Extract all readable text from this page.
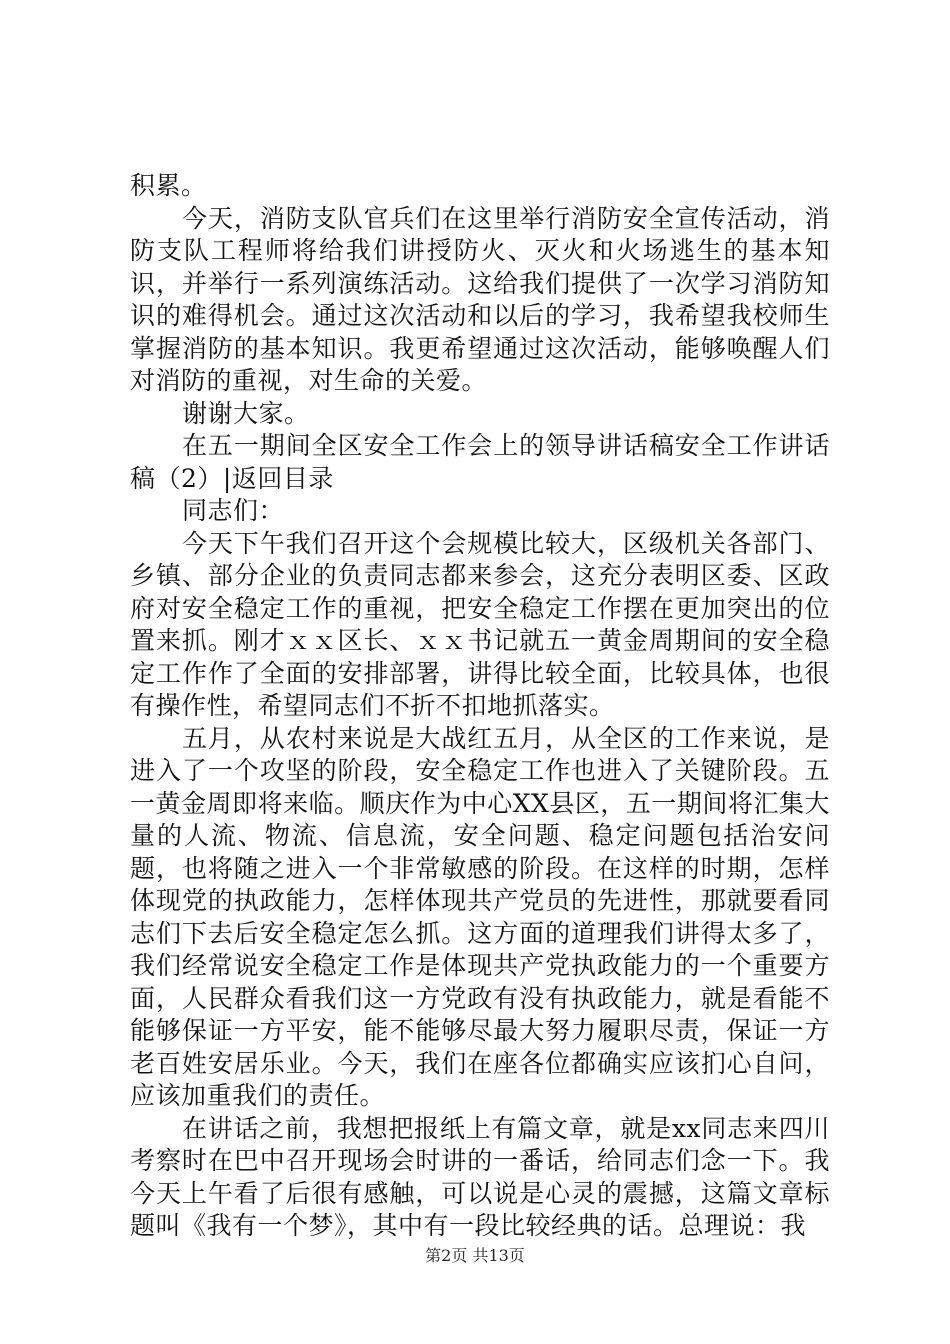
积累。

今天，消防支队官兵们在这里举行消防安全宣传活动，消防支队工程师将给我们讲授防火、灭火和火场逃生的基本知识，并举行一系列演练活动。这给我们提供了一次学习消防知识的难得机会。通过这次活动和以后的学习，我希望我校师生掌握消防的基本知识。我更希望通过这次活动，能够唤醒人们对消防的重视，对生命的关爱。

谢谢大家。

在五一期间全区安全工作会上的领导讲话稿安全工作讲话稿（2）|返回目录

同志们：

今天下午我们召开这个会规模比较大，区级机关各部门、乡镇、部分企业的负责同志都来参会，这充分表明区委、区政府对安全稳定工作的重视，把安全稳定工作摆在更加突出的位置来抓。刚才ｘｘ区长、ｘｘ书记就五一黄金周期间的安全稳定工作作了全面的安排部署，讲得比较全面，比较具体，也很有操作性，希望同志们不折不扣地抓落实。

五月，从农村来说是大战红五月，从全区的工作来说，是进入了一个攻坚的阶段，安全稳定工作也进入了关键阶段。五一黄金周即将来临。顺庆作为中心XX县区，五一期间将汇集大量的人流、物流、信息流，安全问题、稳定问题包括治安问题，也将随之进入一个非常敏感的阶段。在这样的时期，怎样体现党的执政能力，怎样体现共产党员的先进性，那就要看同志们下去后安全稳定怎么抓。这方面的道理我们讲得太多了，我们经常说安全稳定工作是体现共产党执政能力的一个重要方面，人民群众看我们这一方党政有没有执政能力，就是看能不能够保证一方平安，能不能够尽最大努力履职尽责，保证一方老百姓安居乐业。今天，我们在座各位都确实应该扪心自问，应该加重我们的责任。

在讲话之前，我想把报纸上有篇文章，就是xx同志来四川考察时在巴中召开现场会时讲的一番话，给同志们念一下。我今天上午看了后很有感触，可以说是心灵的震撼，这篇文章标题叫《我有一个梦》，其中有一段比较经典的话。总理说：我

第2页 共13页
